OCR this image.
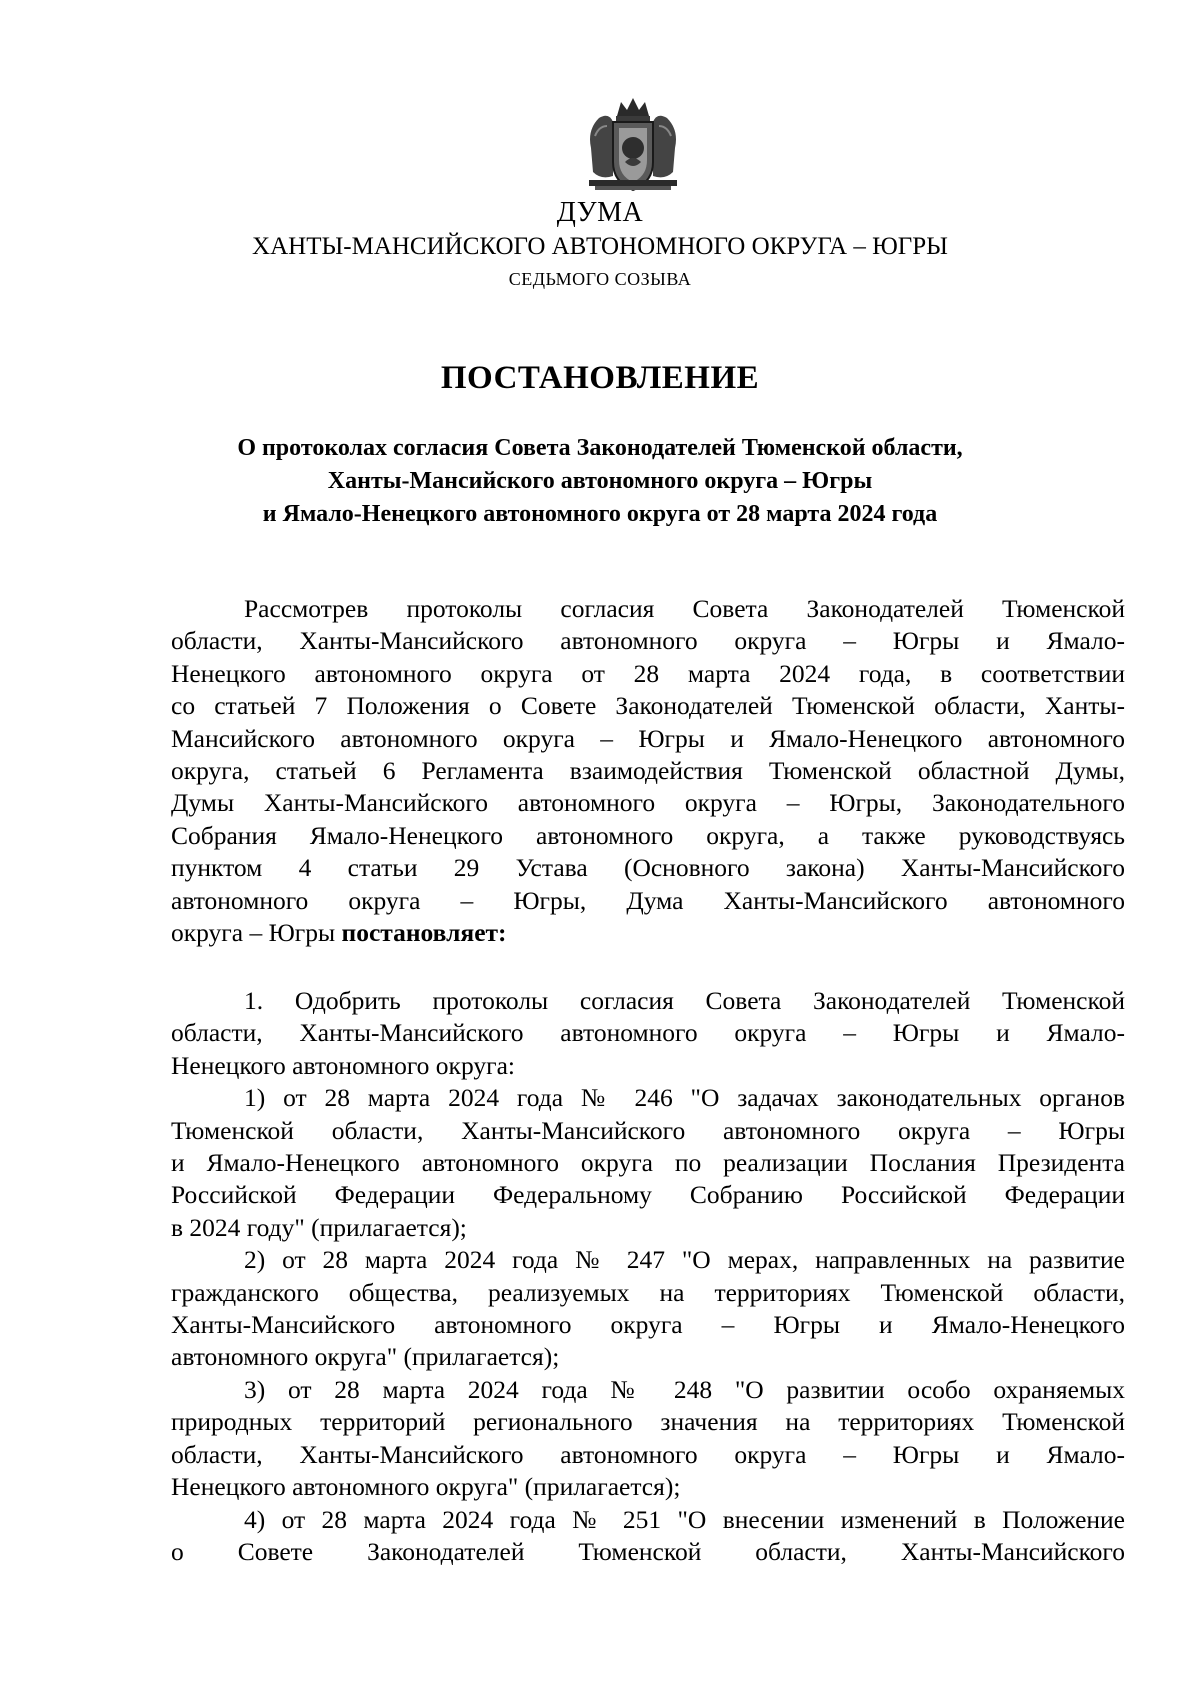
ДУМА
ХАНТЫ-МАНСИЙСКОГО АВТОНОМНОГО ОКРУГА – ЮГРЫ
СЕДЬМОГО СОЗЫВА
ПОСТАНОВЛЕНИЕ
О протоколах согласия Совета Законодателей Тюменской области,
Ханты-Мансийского автономного округа – Югры
и Ямало-Ненецкого автономного округа от 28 марта 2024 года

Рассмотрев протоколы согласия Совета Законодателей Тюменской

области, Ханты-Мансийского автономного округа – Югры и Ямало-

Ненецкого автономного округа от 28 марта 2024 года, в соответствии

со статьей 7 Положения о Совете Законодателей Тюменской области, Ханты-

Мансийского автономного округа – Югры и Ямало-Ненецкого автономного

округа, статьей 6 Регламента взаимодействия Тюменской областной Думы,

Думы Ханты-Мансийского автономного округа – Югры, Законодательного

Собрания Ямало-Ненецкого автономного округа, а также руководствуясь

пунктом 4 статьи 29 Устава (Основного закона) Ханты-Мансийского

автономного округа – Югры, Дума Ханты-Мансийского автономного

округа – Югры постановляет:

1. Одобрить протоколы согласия Совета Законодателей Тюменской

области, Ханты-Мансийского автономного округа – Югры и Ямало-

Ненецкого автономного округа:

1) от 28 марта 2024 года № 246 "О задачах законодательных органов

Тюменской области, Ханты-Мансийского автономного округа – Югры

и Ямало-Ненецкого автономного округа по реализации Послания Президента

Российской Федерации Федеральному Собранию Российской Федерации

в 2024 году" (прилагается);

2) от 28 марта 2024 года № 247 "О мерах, направленных на развитие

гражданского общества, реализуемых на территориях Тюменской области,

Ханты-Мансийского автономного округа – Югры и Ямало-Ненецкого

автономного округа" (прилагается);

3) от 28 марта 2024 года № 248 "О развитии особо охраняемых

природных территорий регионального значения на территориях Тюменской

области, Ханты-Мансийского автономного округа – Югры и Ямало-

Ненецкого автономного округа" (прилагается);

4) от 28 марта 2024 года № 251 "О внесении изменений в Положение

о Совете Законодателей Тюменской области, Ханты-Мансийского
